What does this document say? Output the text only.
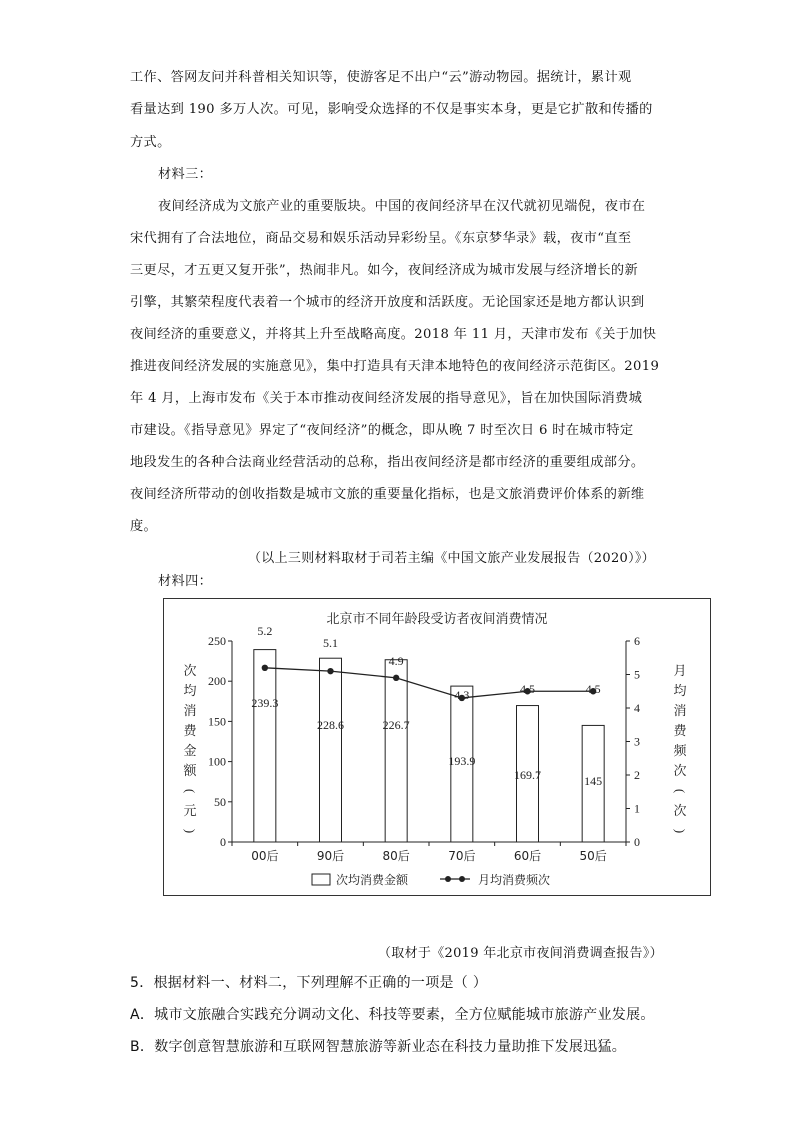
工作、答网友问并科普相关知识等，使游客足不出户“云”游动物园。据统计，累计观
看量达到 190 多万人次。可见，影响受众选择的不仅是事实本身，更是它扩散和传播的
方式。
材料三：
夜间经济成为文旅产业的重要版块。中国的夜间经济早在汉代就初见端倪，夜市在
宋代拥有了合法地位，商品交易和娱乐活动异彩纷呈。《东京梦华录》载，夜市“直至
三更尽，才五更又复开张”，热闹非凡。如今，夜间经济成为城市发展与经济增长的新
引擎，其繁荣程度代表着一个城市的经济开放度和活跃度。无论国家还是地方都认识到
夜间经济的重要意义，并将其上升至战略高度。2018 年 11 月，天津市发布《关于加快
推进夜间经济发展的实施意见》，集中打造具有天津本地特色的夜间经济示范街区。2019
年 4 月，上海市发布《关于本市推动夜间经济发展的指导意见》，旨在加快国际消费城
市建设。《指导意见》界定了“夜间经济”的概念，即从晚 7 时至次日 6 时在城市特定
地段发生的各种合法商业经营活动的总称，指出夜间经济是都市经济的重要组成部分。
夜间经济所带动的创收指数是城市文旅的重要量化指标，也是文旅消费评价体系的新维
度。
（以上三则材料取材于司若主编《中国文旅产业发展报告（2020）》）
材料四：
北京市不同年龄段受访者夜间消费情况
0
50
100
150
200
250
0
1
2
3
4
5
6
00后	90后	80后	70后	60后	50后
次
均
消
费
金
额
(
元
)
月
均
消
费
频
次
(
次
)
239.3
228.6	226.7
193.9
169.7	145
5.2
5.1
4.9
4.3	4.5	4.5
次均消费金额	月均消费频次
（取材于《2019 年北京市夜间消费调查报告》）
5．根据材料一、材料二，下列理解不正确的一项是（ ）
A．城市文旅融合实践充分调动文化、科技等要素，全方位赋能城市旅游产业发展。
B．数字创意智慧旅游和互联网智慧旅游等新业态在科技力量助推下发展迅猛。
